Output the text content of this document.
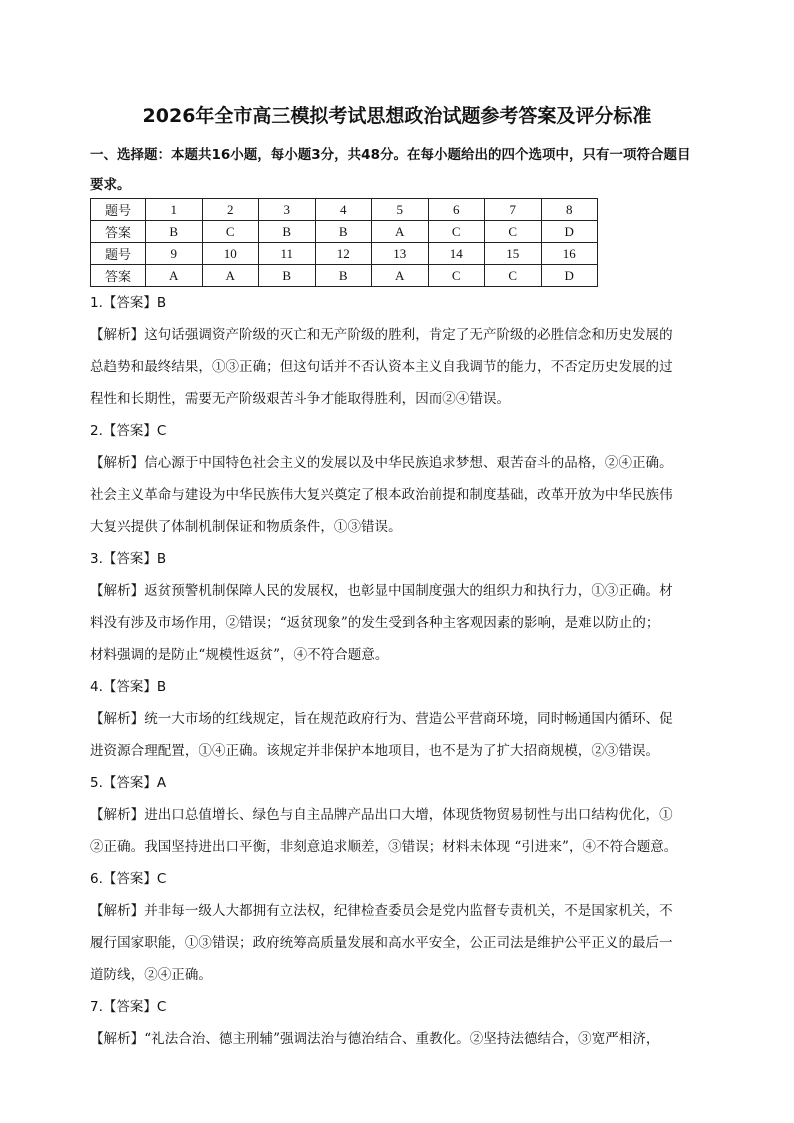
2026年全市高三模拟考试思想政治试题参考答案及评分标准
一、选择题：本题共16小题，每小题3分，共48分。在每小题给出的四个选项中，只有一项符合题目要求。
题号	1	2	3	4	5	6	7	8
答案	B	C	B	B	A	C	C	D
题号	9	10	11	12	13	14	15	16
答案	A	A	B	B	A	C	C	D
1.【答案】B
【解析】这句话强调资产阶级的灭亡和无产阶级的胜利，肯定了无产阶级的必胜信念和历史发展的
总趋势和最终结果，①③正确；但这句话并不否认资本主义自我调节的能力，不否定历史发展的过
程性和长期性，需要无产阶级艰苦斗争才能取得胜利，因而②④错误。
2.【答案】C
【解析】信心源于中国特色社会主义的发展以及中华民族追求梦想、艰苦奋斗的品格，②④正确。
社会主义革命与建设为中华民族伟大复兴奠定了根本政治前提和制度基础，改革开放为中华民族伟
大复兴提供了体制机制保证和物质条件，①③错误。
3.【答案】B
【解析】返贫预警机制保障人民的发展权，也彰显中国制度强大的组织力和执行力，①③正确。材
料没有涉及市场作用，②错误；“返贫现象”的发生受到各种主客观因素的影响，是难以防止的；
材料强调的是防止“规模性返贫”，④不符合题意。
4.【答案】B
【解析】统一大市场的红线规定，旨在规范政府行为、营造公平营商环境，同时畅通国内循环、促
进资源合理配置，①④正确。该规定并非保护本地项目，也不是为了扩大招商规模，②③错误。
5.【答案】A
【解析】进出口总值增长、绿色与自主品牌产品出口大增，体现货物贸易韧性与出口结构优化，①
②正确。我国坚持进出口平衡，非刻意追求顺差，③错误；材料未体现 “引进来”，④不符合题意。
6.【答案】C
【解析】并非每一级人大都拥有立法权，纪律检查委员会是党内监督专责机关，不是国家机关，不
履行国家职能，①③错误；政府统筹高质量发展和高水平安全，公正司法是维护公平正义的最后一
道防线，②④正确。
7.【答案】C
【解析】“礼法合治、德主刑辅”强调法治与德治结合、重教化。②坚持法德结合，③宽严相济，
